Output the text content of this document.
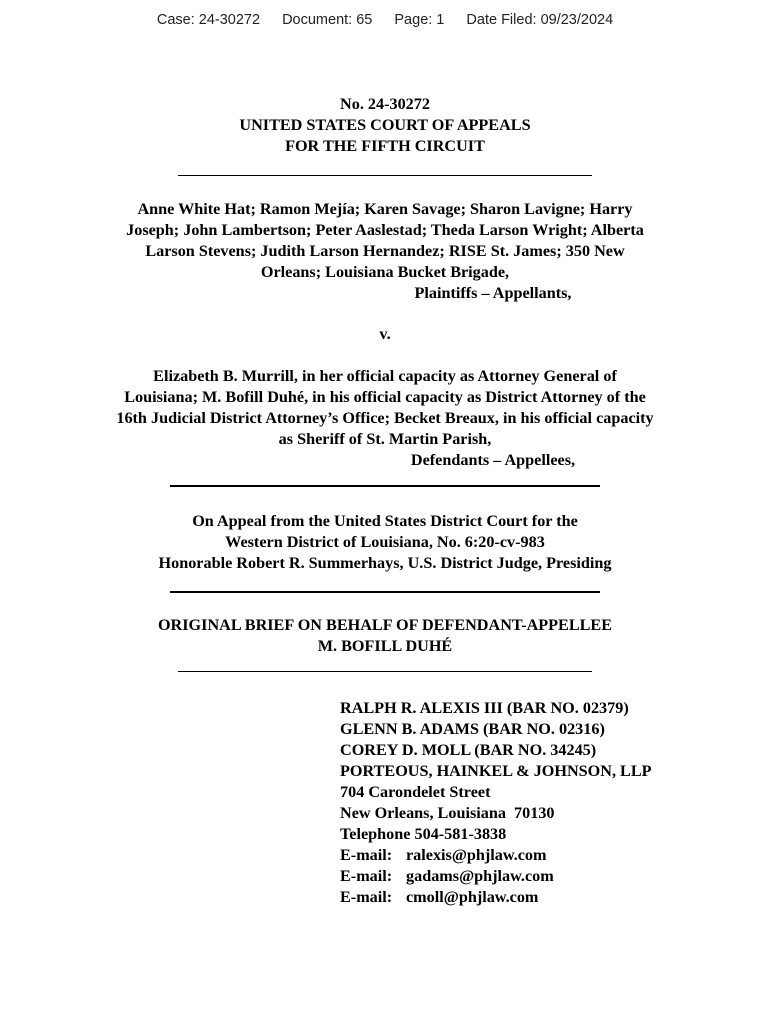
Case: 24-30272 Document: 65 Page: 1 Date Filed: 09/23/2024
No. 24-30272
UNITED STATES COURT OF APPEALS
FOR THE FIFTH CIRCUIT
Anne White Hat; Ramon Mejía; Karen Savage; Sharon Lavigne; Harry
Joseph; John Lambertson; Peter Aaslestad; Theda Larson Wright; Alberta
Larson Stevens; Judith Larson Hernandez; RISE St. James; 350 New
Orleans; Louisiana Bucket Brigade,
Plaintiffs – Appellants,
v.
Elizabeth B. Murrill, in her official capacity as Attorney General of
Louisiana; M. Bofill Duhé, in his official capacity as District Attorney of the
16th Judicial District Attorney’s Office; Becket Breaux, in his official capacity
as Sheriff of St. Martin Parish,
Defendants – Appellees,
On Appeal from the United States District Court for the
Western District of Louisiana, No. 6:20-cv-983
Honorable Robert R. Summerhays, U.S. District Judge, Presiding
ORIGINAL BRIEF ON BEHALF OF DEFENDANT-APPELLEE
M. BOFILL DUHÉ
RALPH R. ALEXIS III (BAR NO. 02379)
GLENN B. ADAMS (BAR NO. 02316)
COREY D. MOLL (BAR NO. 34245)
PORTEOUS, HAINKEL & JOHNSON, LLP
704 Carondelet Street
New Orleans, Louisiana  70130
Telephone 504-581-3838
E-mail: ralexis@phjlaw.com
E-mail: gadams@phjlaw.com
E-mail: cmoll@phjlaw.com
